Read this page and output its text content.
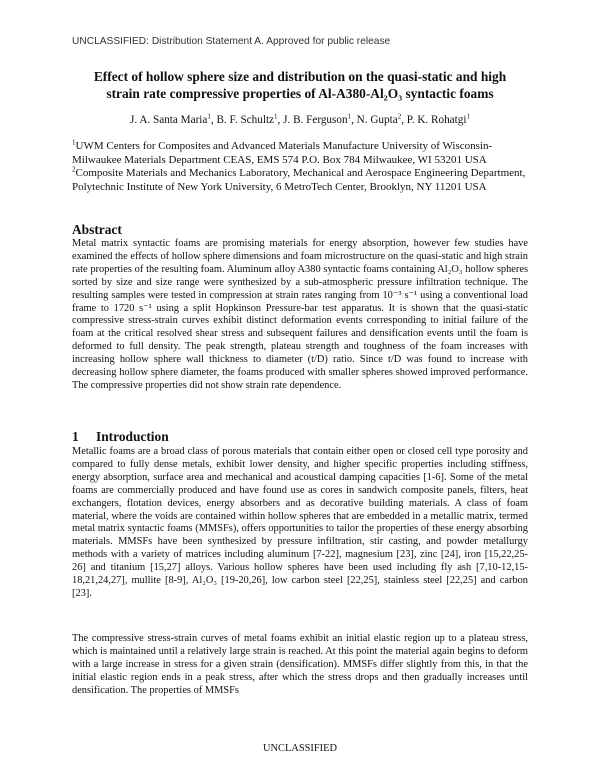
UNCLASSIFIED: Distribution Statement A. Approved for public release
Effect of hollow sphere size and distribution on the quasi-static and high
strain rate compressive properties of Al-A380-Al₂O₃ syntactic foams
J. A. Santa Maria$^1$, B. F. Schultz$^1$, J. B. Ferguson$^1$, N. Gupta$^2$, P. K. Rohatgi$^1$

$^1$UWM Centers for Composites and Advanced Materials Manufacture University of Wisconsin-Milwaukee Materials Department CEAS, EMS 574 P.O. Box 784 Milwaukee, WI 53201 USA

$^2$Composite Materials and Mechanics Laboratory, Mechanical and Aerospace Engineering Department, Polytechnic Institute of New York University, 6 MetroTech Center, Brooklyn, NY 11201 USA

Abstract

Metal matrix syntactic foams are promising materials for energy absorption, however few studies have examined the effects of hollow sphere dimensions and foam microstructure on the quasi-static and high strain rate properties of the resulting foam. Aluminum alloy A380 syntactic foams containing Al₂O₃ hollow spheres sorted by size and size range were synthesized by a sub-atmospheric pressure infiltration technique. The resulting samples were tested in compression at strain rates ranging from 10⁻³ s⁻¹ using a conventional load frame to 1720 s⁻¹ using a split Hopkinson Pressure-bar test apparatus. It is shown that the quasi-static compressive stress-strain curves exhibit distinct deformation events corresponding to initial failure of the foam at the critical resolved shear stress and subsequent failures and densification events until the foam is deformed to full density. The peak strength, plateau strength and toughness of the foam increases with increasing hollow sphere wall thickness to diameter (t/D) ratio. Since t/D was found to increase with decreasing hollow sphere diameter, the foams produced with smaller spheres showed improved performance. The compressive properties did not show strain rate dependence.

1 Introduction

Metallic foams are a broad class of porous materials that contain either open or closed cell type porosity and compared to fully dense metals, exhibit lower density, and higher specific properties including stiffness, energy absorption, surface area and mechanical and acoustical damping capacities [1-6]. Some of the metal foams are commercially produced and have found use as cores in sandwich composite panels, filters, heat exchangers, flotation devices, energy absorbers and as decorative building materials. A class of foam material, where the voids are contained within hollow spheres that are embedded in a metallic matrix, termed metal matrix syntactic foams (MMSFs), offers opportunities to tailor the properties of these energy absorbing materials. MMSFs have been synthesized by pressure infiltration, stir casting, and powder metallurgy methods with a variety of matrices including aluminum [7-22], magnesium [23], zinc [24], iron [15,22,25-26] and titanium [15,27] alloys. Various hollow spheres have been used including fly ash [7,10-12,15-18,21,24,27], mullite [8-9], Al₂O₃ [19-20,26], low carbon steel [22,25], stainless steel [22,25] and carbon [23].

The compressive stress-strain curves of metal foams exhibit an initial elastic region up to a plateau stress, which is maintained until a relatively large strain is reached. At this point the material again begins to deform with a large increase in stress for a given strain (densification). MMSFs differ slightly from this, in that the initial elastic region ends in a peak stress, after which the stress drops and then gradually increases until densification. The properties of MMSFs

UNCLASSIFIED
